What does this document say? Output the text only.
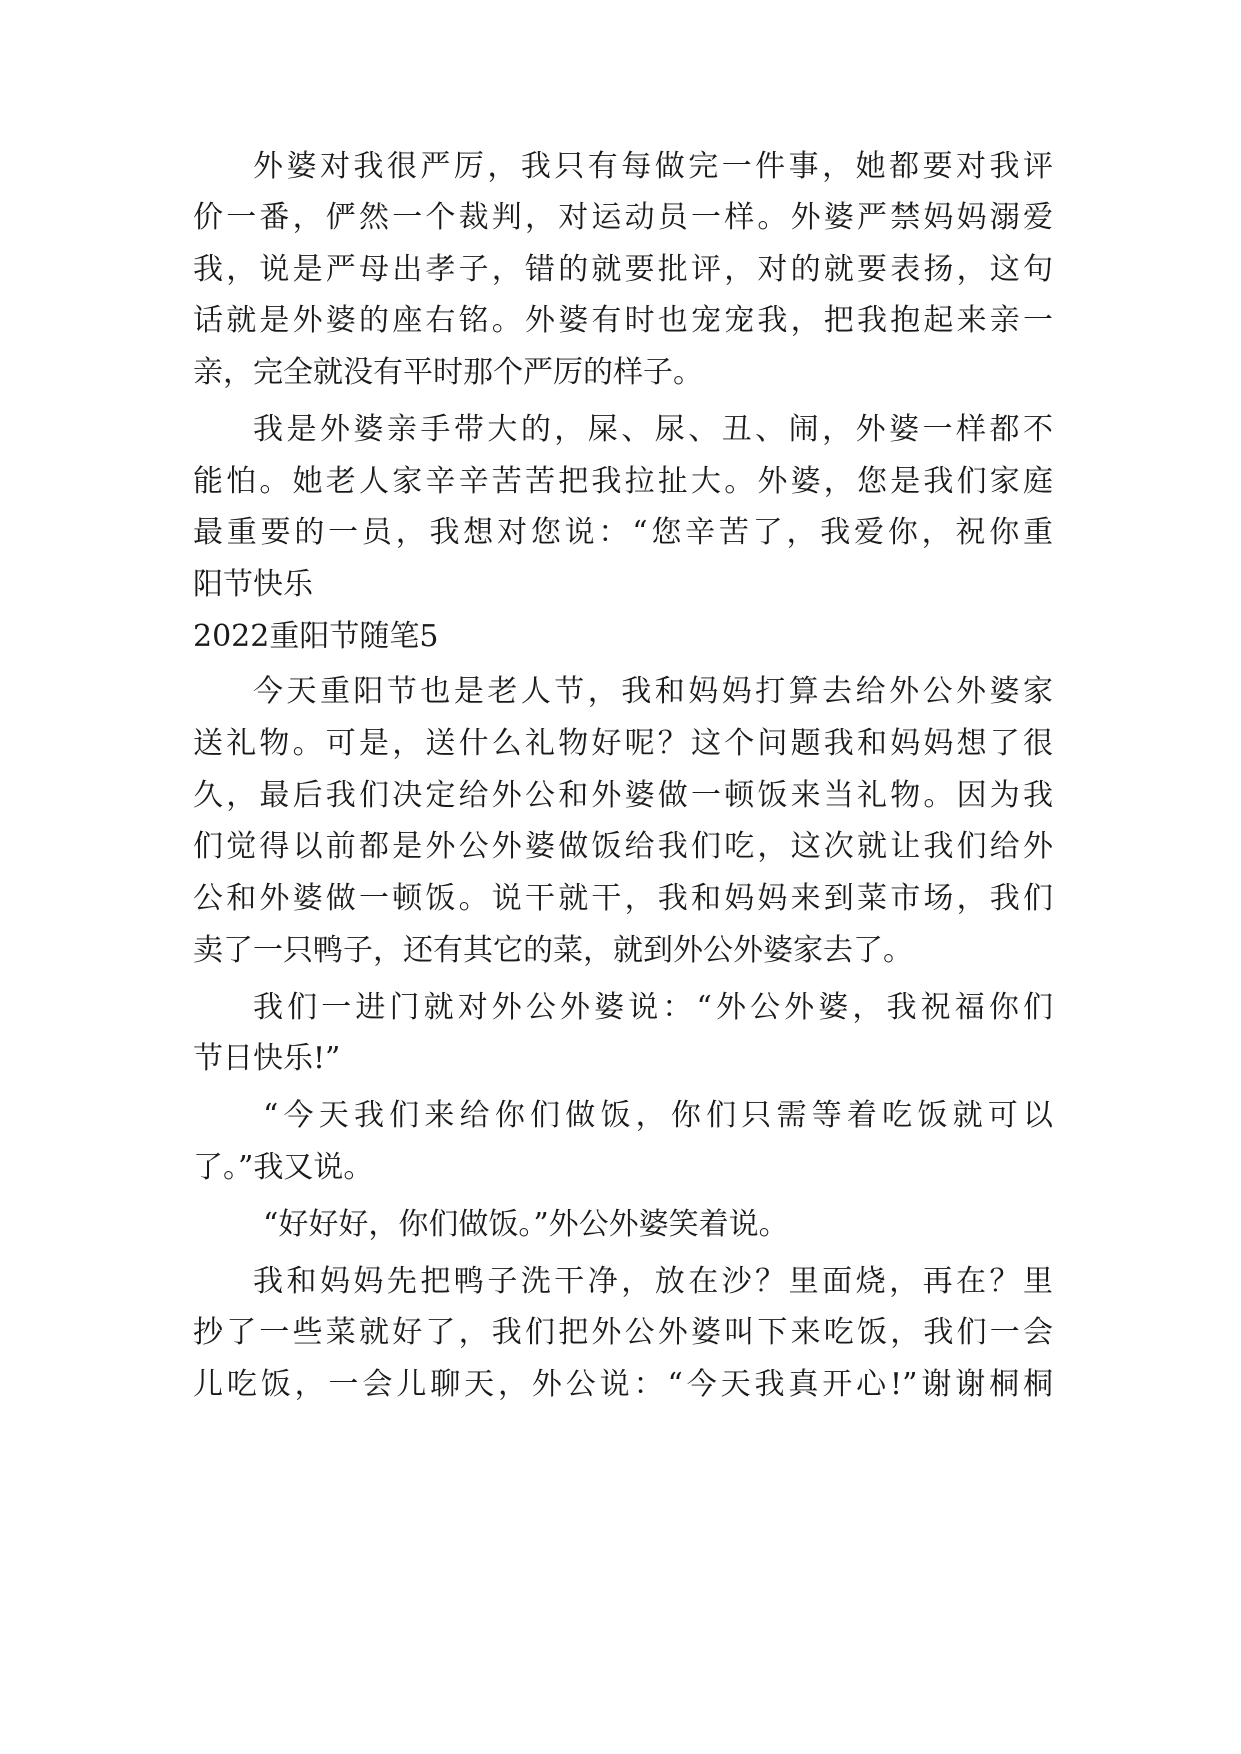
外婆对我很严厉，我只有每做完一件事，她都要对我评
价一番，俨然一个裁判，对运动员一样。外婆严禁妈妈溺爱
我，说是严母出孝子，错的就要批评，对的就要表扬，这句
话就是外婆的座右铭。外婆有时也宠宠我，把我抱起来亲一
亲，完全就没有平时那个严厉的样子。
我是外婆亲手带大的，屎、尿、丑、闹，外婆一样都不
能怕。她老人家辛辛苦苦把我拉扯大。外婆，您是我们家庭
最重要的一员，我想对您说：“您辛苦了，我爱你，祝你重
阳节快乐
2022重阳节随笔5
今天重阳节也是老人节，我和妈妈打算去给外公外婆家
送礼物。可是，送什么礼物好呢？这个问题我和妈妈想了很
久，最后我们决定给外公和外婆做一顿饭来当礼物。因为我
们觉得以前都是外公外婆做饭给我们吃，这次就让我们给外
公和外婆做一顿饭。说干就干，我和妈妈来到菜市场，我们
卖了一只鸭子，还有其它的菜，就到外公外婆家去了。
我们一进门就对外公外婆说：“外公外婆，我祝福你们
节日快乐!”
“今天我们来给你们做饭，你们只需等着吃饭就可以
了。”我又说。
“好好好，你们做饭。”外公外婆笑着说。
我和妈妈先把鸭子洗干净，放在沙？里面烧，再在？里
抄了一些菜就好了，我们把外公外婆叫下来吃饭，我们一会
儿吃饭，一会儿聊天，外公说：“今天我真开心!”谢谢桐桐
